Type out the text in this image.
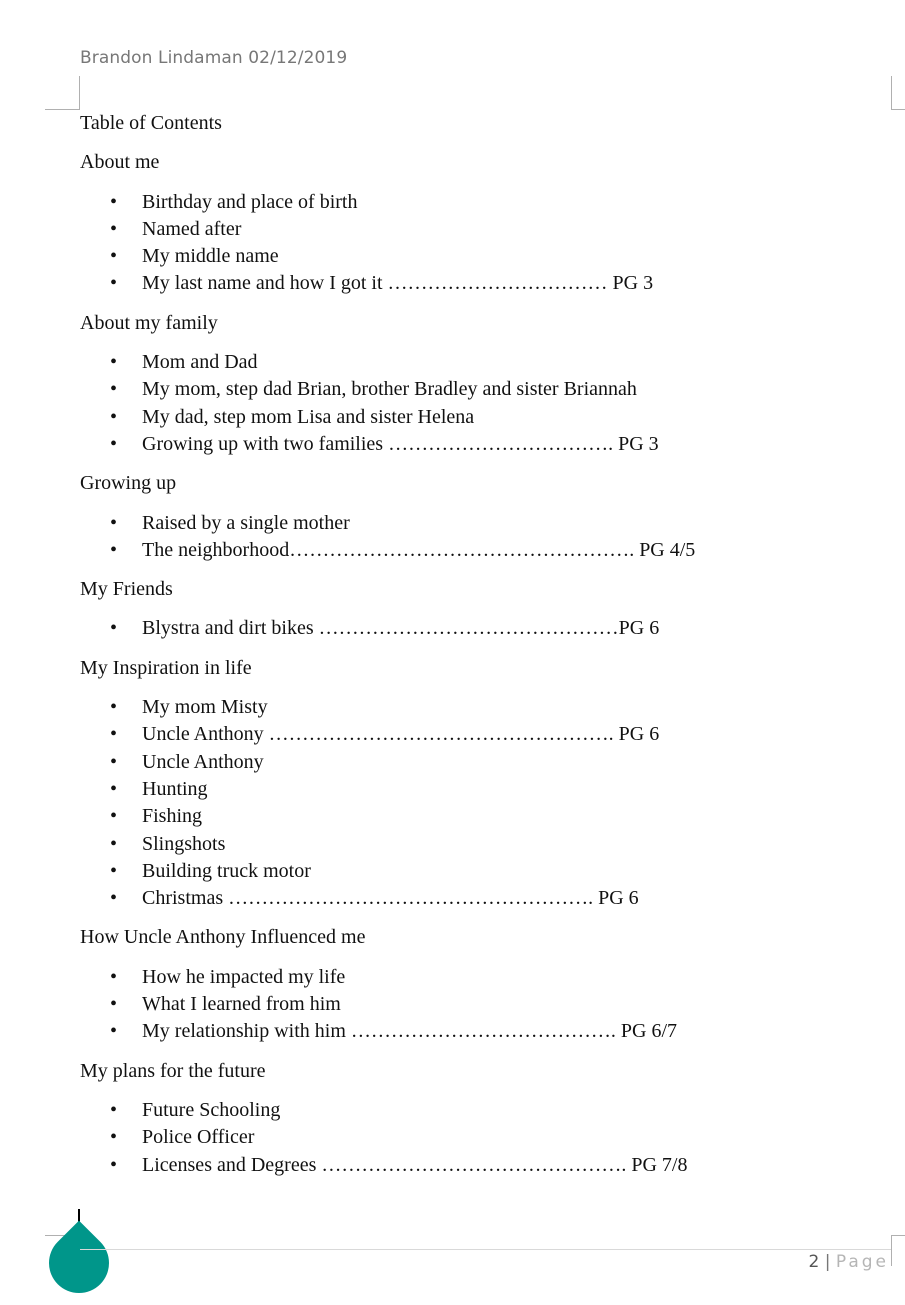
Brandon Lindaman 02/12/2019
Table of Contents
About me
• Birthday and place of birth
• Named after
• My middle name
• My last name and how I got it …………………………… PG 3
About my family
• Mom and Dad
• My mom, step dad Brian, brother Bradley and sister Briannah
• My dad, step mom Lisa and sister Helena
• Growing up with two families ……………………………. PG 3
Growing up
• Raised by a single mother
• The neighborhood……………………………………………. PG 4/5
My Friends
• Blystra and dirt bikes ………………………………………PG 6
My Inspiration in life
• My mom Misty
• Uncle Anthony ……………………………………………. PG 6
• Uncle Anthony
• Hunting
• Fishing
• Slingshots
• Building truck motor
• Christmas ………………………………………………. PG 6
How Uncle Anthony Influenced me
• How he impacted my life
• What I learned from him
• My relationship with him …………………………………. PG 6/7
My plans for the future
• Future Schooling
• Police Officer
• Licenses and Degrees ………………………………………. PG 7/8
2 | Page
